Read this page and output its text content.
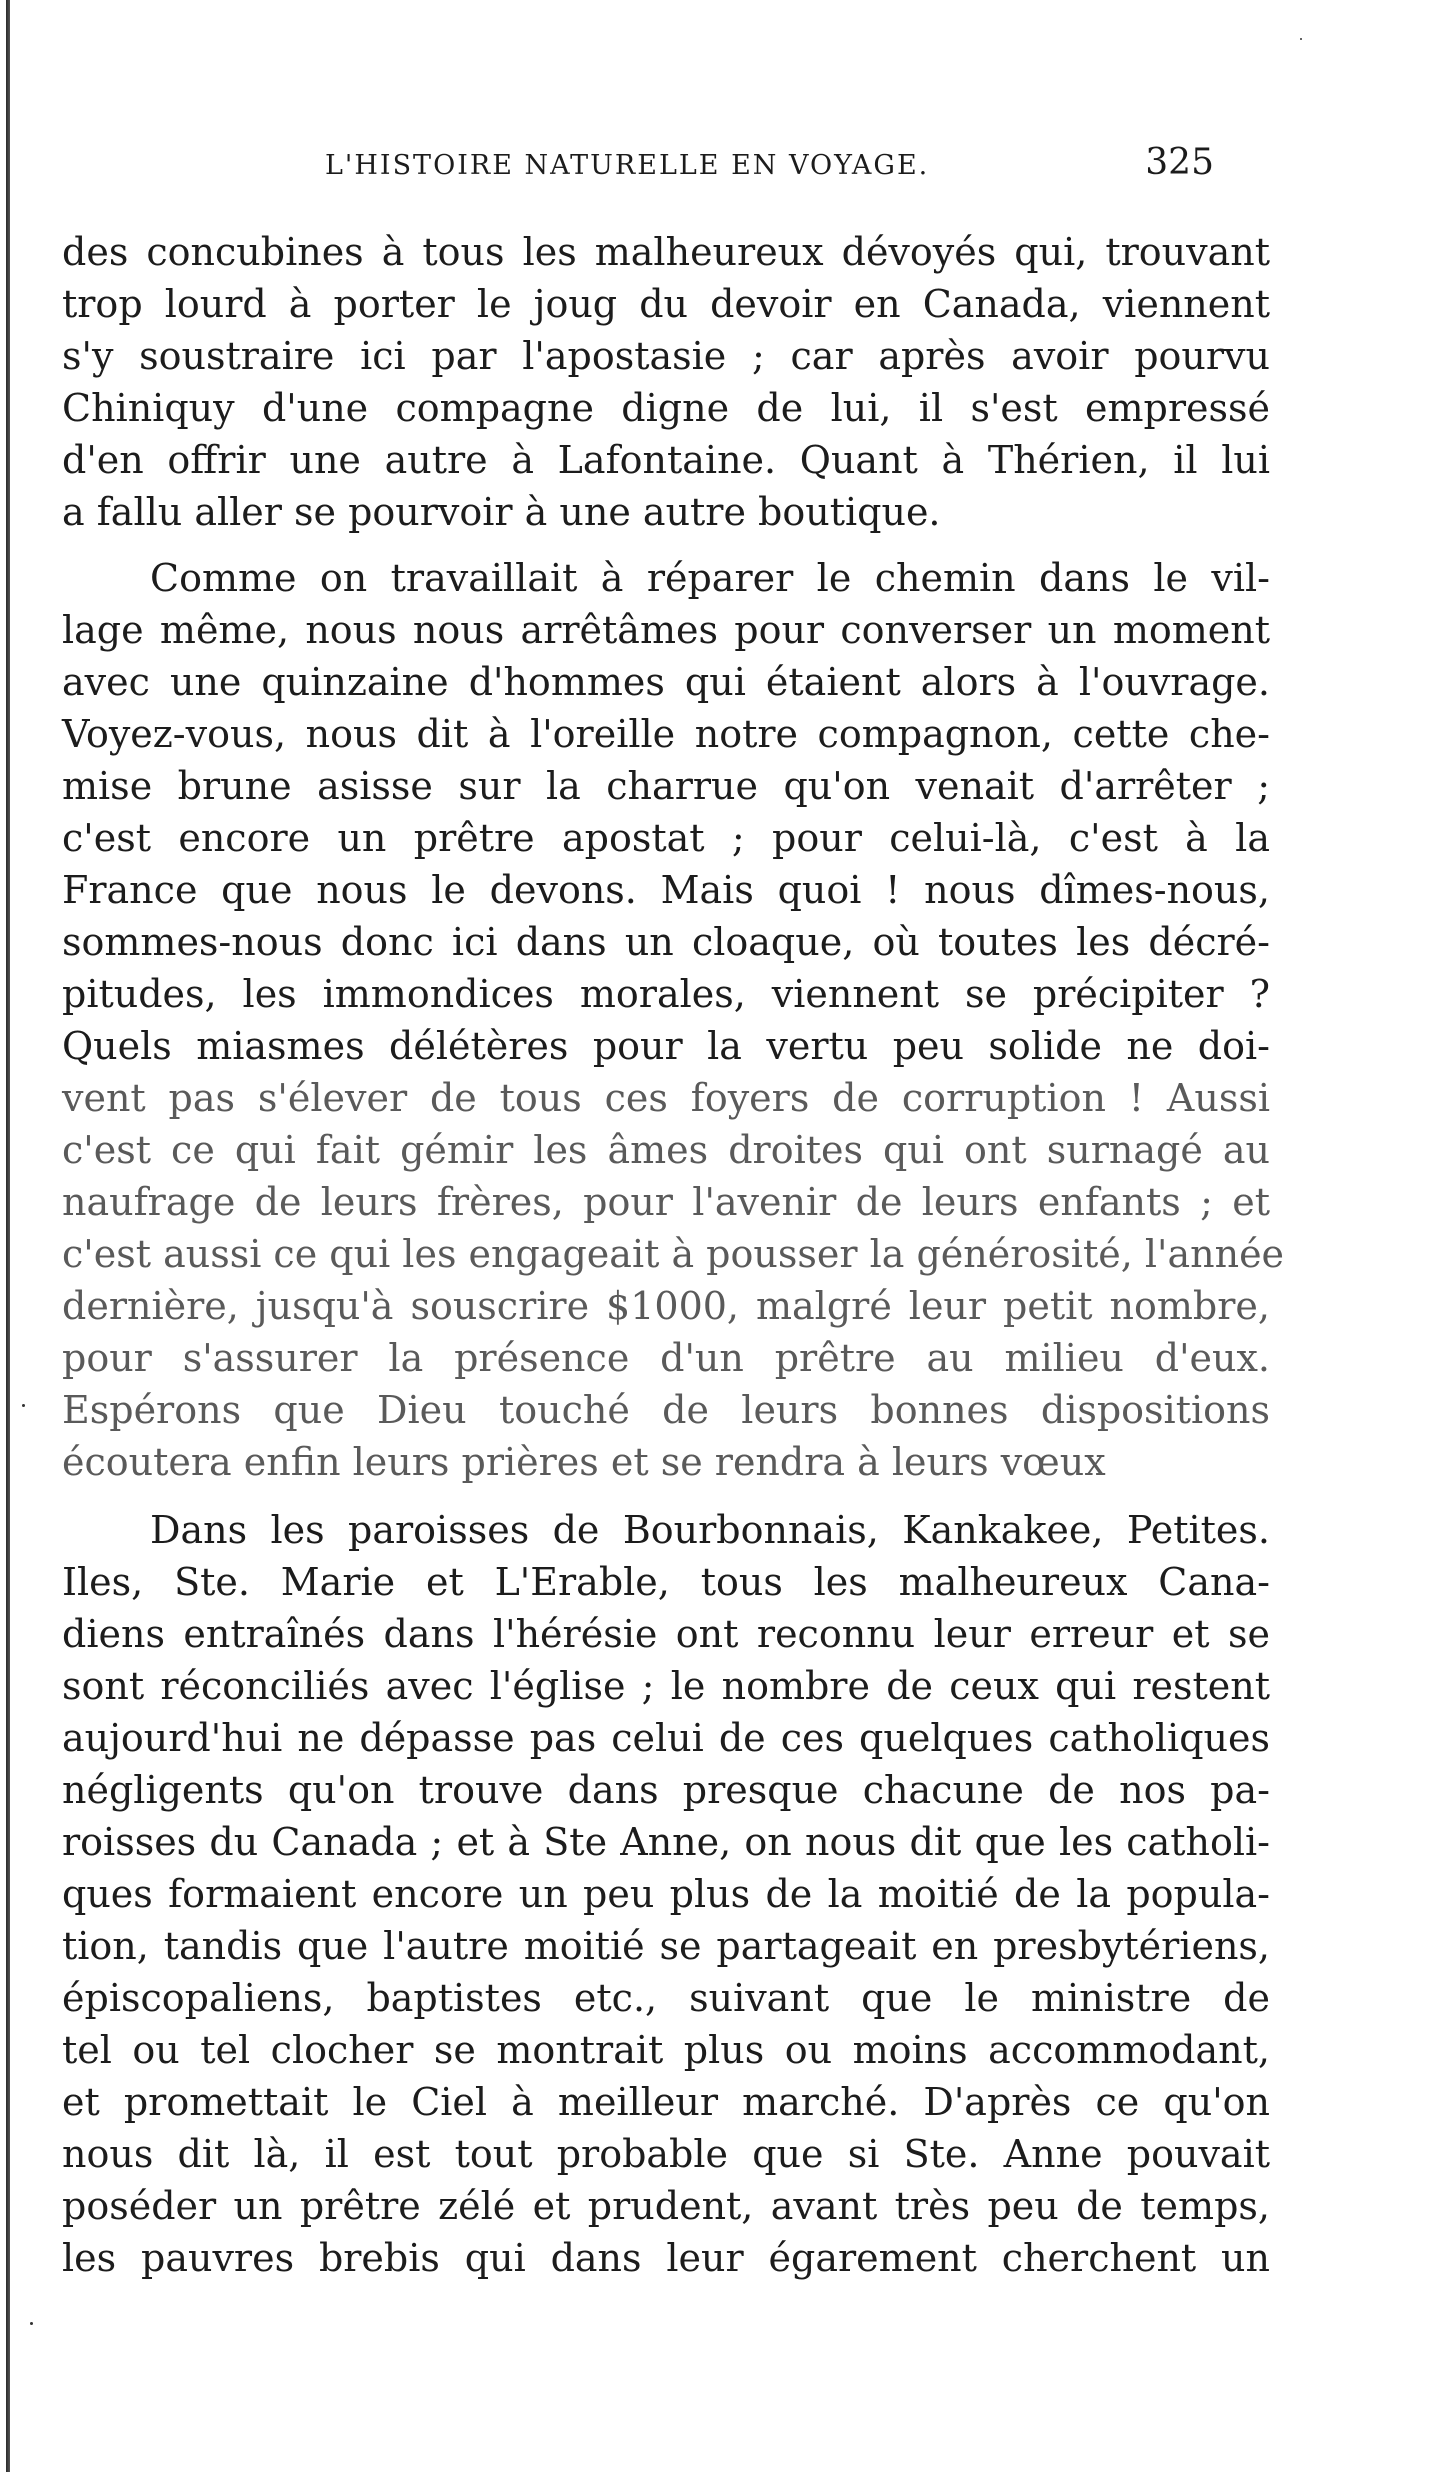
L'HISTOIRE NATURELLE EN VOYAGE.	325
des concubines à tous les malheureux dévoyés qui, trouvant
trop lourd à porter le joug du devoir en Canada, viennent
s'y soustraire ici par l'apostasie ; car après avoir pourvu
Chiniquy d'une compagne digne de lui, il s'est empressé
d'en offrir une autre à Lafontaine. Quant à Thérien, il lui
a fallu aller se pourvoir à une autre boutique.
Comme on travaillait à réparer le chemin dans le vil-
lage même, nous nous arrêtâmes pour converser un moment
avec une quinzaine d'hommes qui étaient alors à l'ouvrage.
Voyez-vous, nous dit à l'oreille notre compagnon, cette che-
mise brune asisse sur la charrue qu'on venait d'arrêter ;
c'est encore un prêtre apostat ; pour celui-là, c'est à la
France que nous le devons. Mais quoi ! nous dîmes-nous,
sommes-nous donc ici dans un cloaque, où toutes les décré-
pitudes, les immondices morales, viennent se précipiter ?
Quels miasmes délétères pour la vertu peu solide ne doi-
vent pas s'élever de tous ces foyers de corruption ! Aussi
c'est ce qui fait gémir les âmes droites qui ont surnagé au
naufrage de leurs frères, pour l'avenir de leurs enfants ; et
c'est aussi ce qui les engageait à pousser la générosité, l'année
dernière, jusqu'à souscrire $1000, malgré leur petit nombre,
pour s'assurer la présence d'un prêtre au milieu d'eux.
Espérons que Dieu touché de leurs bonnes dispositions
écoutera enfin leurs prières et se rendra à leurs vœux
Dans les paroisses de Bourbonnais, Kankakee, Petites.
Iles, Ste. Marie et L'Erable, tous les malheureux Cana-
diens entraînés dans l'hérésie ont reconnu leur erreur et se
sont réconciliés avec l'église ; le nombre de ceux qui restent
aujourd'hui ne dépasse pas celui de ces quelques catholiques
négligents qu'on trouve dans presque chacune de nos pa-
roisses du Canada ; et à Ste Anne, on nous dit que les catholi-
ques formaient encore un peu plus de la moitié de la popula-
tion, tandis que l'autre moitié se partageait en presbytériens,
épiscopaliens, baptistes etc., suivant que le ministre de
tel ou tel clocher se montrait plus ou moins accommodant,
et promettait le Ciel à meilleur marché. D'après ce qu'on
nous dit là, il est tout probable que si Ste. Anne pouvait
poséder un prêtre zélé et prudent, avant très peu de temps,
les pauvres brebis qui dans leur égarement cherchent un
